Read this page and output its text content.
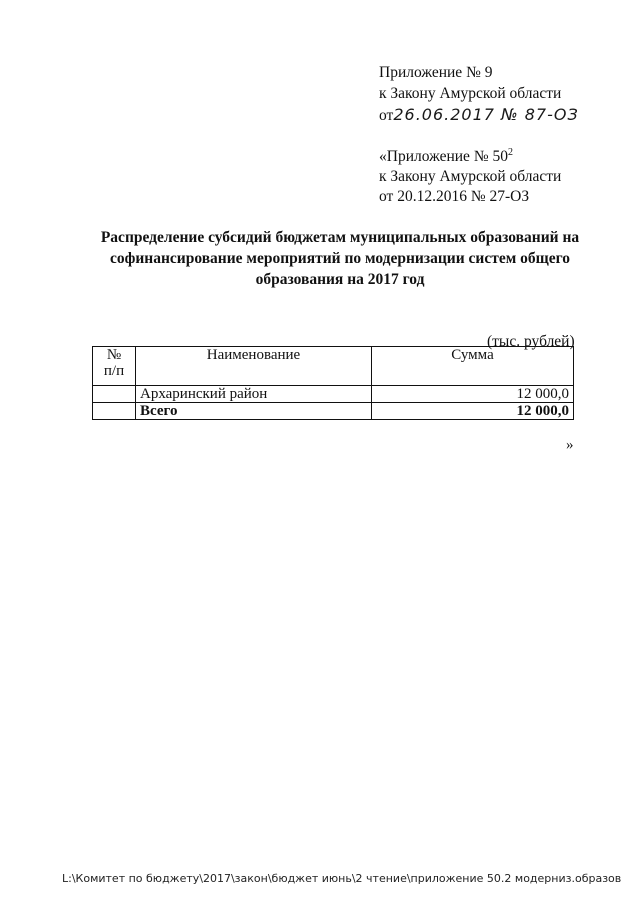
Приложение № 9
к Закону Амурской области
от26.06.2017 № 87-ОЗ
«Приложение № $50^2$
к Закону Амурской области
от 20.12.2016 № 27-ОЗ
Распределение субсидий бюджетам муниципальных образований на
софинансирование мероприятий по модернизации систем общего
образования на 2017 год
(тыс. рублей)
№
п/п	Наименование	Сумма
	Архаринский район	12 000,0
	Всего	12 000,0
»
L:\Комитет по бюджету\2017\закон\бюджет июнь\2 чтение\приложение 50.2 модерниз.образов
